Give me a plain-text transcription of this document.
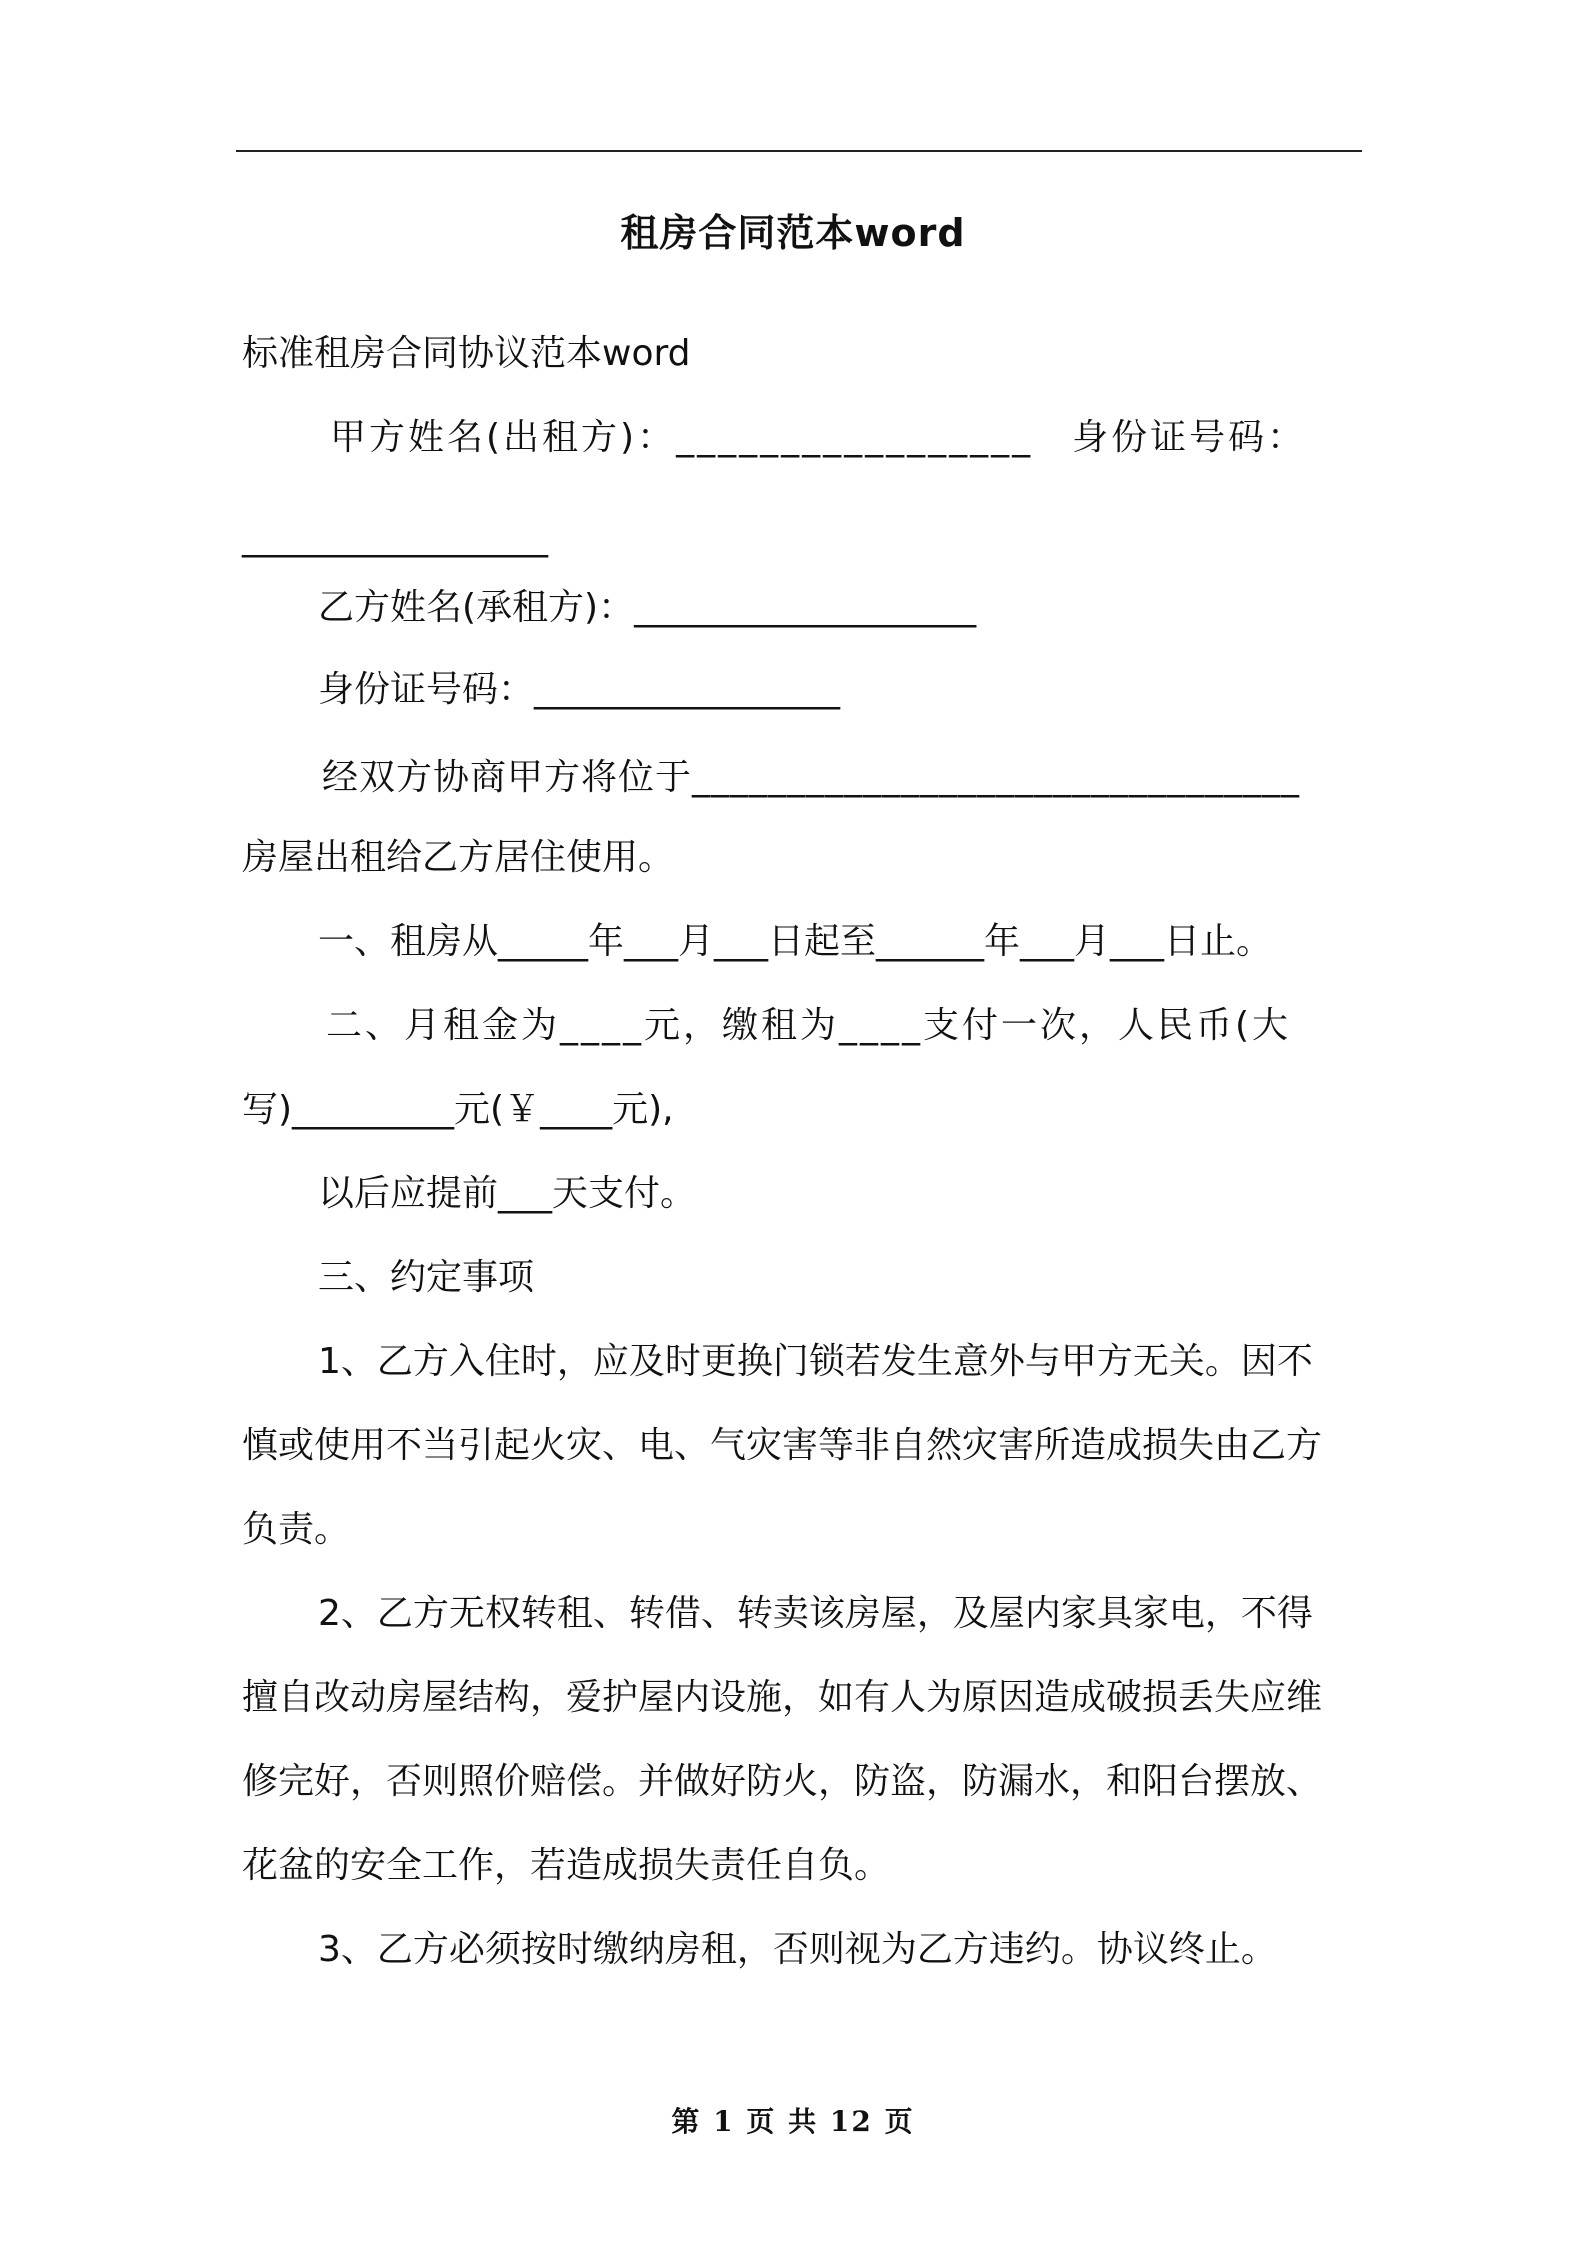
租房合同范本word
标准租房合同协议范本word
甲方姓名(出租方)：_________________　身份证号码：
_________________
乙方姓名(承租方)：___________________
身份证号码：_________________
经双方协商甲方将位于________________________________
房屋出租给乙方居住使用。
一、租房从_____年___月___日起至______年___月___日止。
二、月租金为____元，缴租为____支付一次，人民币(大
写)_________元(￥____元),
以后应提前___天支付。
三、约定事项
1、乙方入住时，应及时更换门锁若发生意外与甲方无关。因不
慎或使用不当引起火灾、电、气灾害等非自然灾害所造成损失由乙方
负责。
2、乙方无权转租、转借、转卖该房屋，及屋内家具家电，不得
擅自改动房屋结构，爱护屋内设施，如有人为原因造成破损丢失应维
修完好，否则照价赔偿。并做好防火，防盗，防漏水，和阳台摆放、
花盆的安全工作，若造成损失责任自负。
3、乙方必须按时缴纳房租，否则视为乙方违约。协议终止。
第 1 页 共 12 页
